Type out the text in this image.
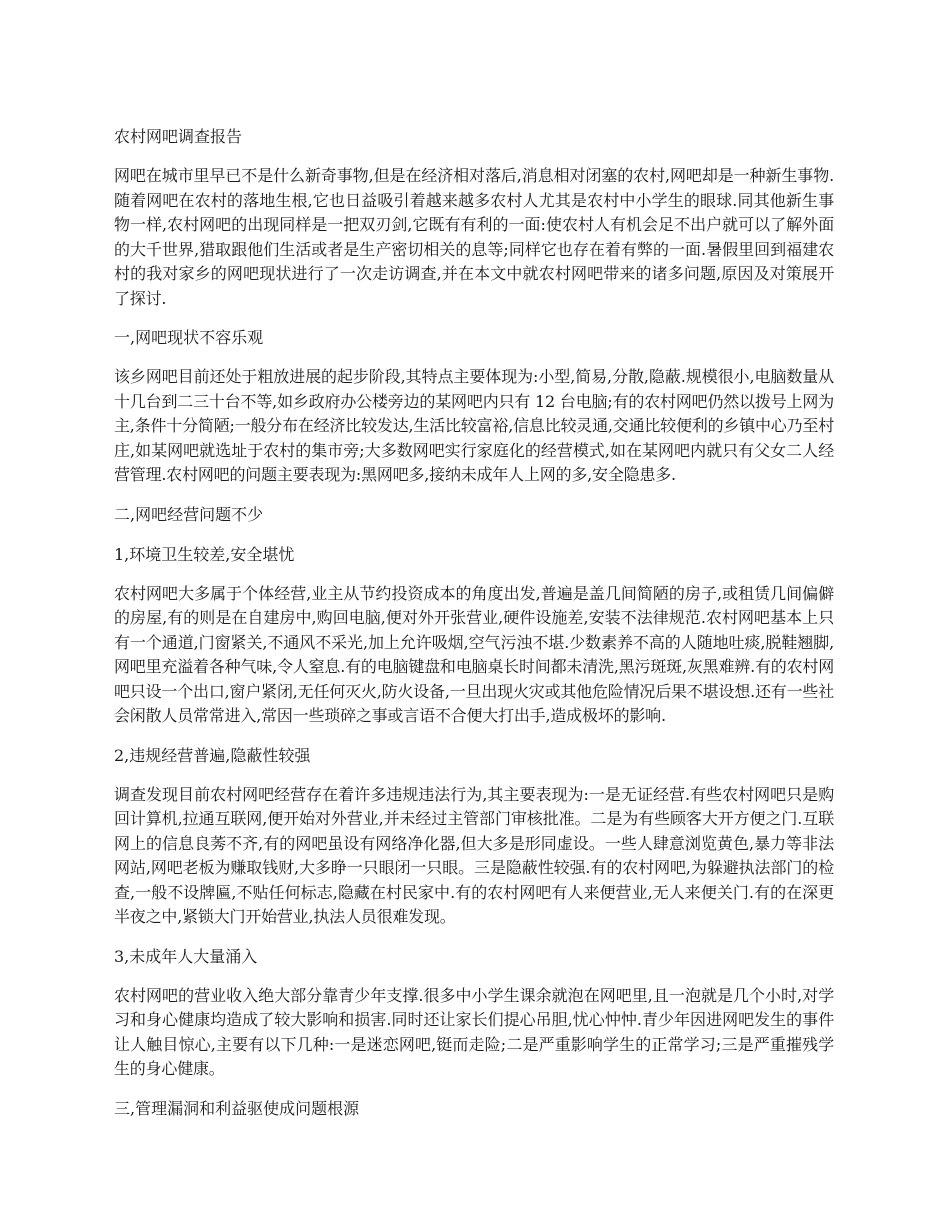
农村网吧调查报告

网吧在城市里早已不是什么新奇事物,但是在经济相对落后,消息相对闭塞的农村,网吧却是一种新生事物.随着网吧在农村的落地生根,它也日益吸引着越来越多农村人尤其是农村中小学生的眼球.同其他新生事物一样,农村网吧的出现同样是一把双刃剑,它既有有利的一面:使农村人有机会足不出户就可以了解外面的大千世界,猎取跟他们生活或者是生产密切相关的息等;同样它也存在着有弊的一面.暑假里回到福建农村的我对家乡的网吧现状进行了一次走访调查,并在本文中就农村网吧带来的诸多问题,原因及对策展开了探讨.

一,网吧现状不容乐观

该乡网吧目前还处于粗放进展的起步阶段,其特点主要体现为:小型,简易,分散,隐蔽.规模很小,电脑数量从十几台到二三十台不等,如乡政府办公楼旁边的某网吧内只有 12 台电脑;有的农村网吧仍然以拨号上网为主,条件十分简陋;一般分布在经济比较发达,生活比较富裕,信息比较灵通,交通比较便利的乡镇中心乃至村庄,如某网吧就选址于农村的集市旁;大多数网吧实行家庭化的经营模式,如在某网吧内就只有父女二人经营管理.农村网吧的问题主要表现为:黑网吧多,接纳未成年人上网的多,安全隐患多.

二,网吧经营问题不少

1,环境卫生较差,安全堪忧

农村网吧大多属于个体经营,业主从节约投资成本的角度出发,普遍是盖几间简陋的房子,或租赁几间偏僻的房屋,有的则是在自建房中,购回电脑,便对外开张营业,硬件设施差,安装不法律规范.农村网吧基本上只有一个通道,门窗紧关,不通风不采光,加上允许吸烟,空气污浊不堪.少数素养不高的人随地吐痰,脱鞋翘脚,网吧里充溢着各种气味,令人窒息.有的电脑键盘和电脑桌长时间都未清洗,黑污斑斑,灰黑难辨.有的农村网吧只设一个出口,窗户紧闭,无任何灭火,防火设备,一旦出现火灾或其他危险情况后果不堪设想.还有一些社会闲散人员常常进入,常因一些琐碎之事或言语不合便大打出手,造成极坏的影响.

2,违规经营普遍,隐蔽性较强

调查发现目前农村网吧经营存在着许多违规违法行为,其主要表现为:一是无证经营.有些农村网吧只是购回计算机,拉通互联网,便开始对外营业,并未经过主管部门审核批准。二是为有些顾客大开方便之门.互联网上的信息良莠不齐,有的网吧虽设有网络净化器,但大多是形同虚设。一些人肆意浏览黄色,暴力等非法网站,网吧老板为赚取钱财,大多睁一只眼闭一只眼。三是隐蔽性较强.有的农村网吧,为躲避执法部门的检查,一般不设牌匾,不贴任何标志,隐藏在村民家中.有的农村网吧有人来便营业,无人来便关门.有的在深更半夜之中,紧锁大门开始营业,执法人员很难发现。

3,未成年人大量涌入

农村网吧的营业收入绝大部分靠青少年支撑.很多中小学生课余就泡在网吧里,且一泡就是几个小时,对学习和身心健康均造成了较大影响和损害.同时还让家长们提心吊胆,忧心忡忡.青少年因进网吧发生的事件让人触目惊心,主要有以下几种:一是迷恋网吧,铤而走险;二是严重影响学生的正常学习;三是严重摧残学生的身心健康。

三,管理漏洞和利益驱使成问题根源
